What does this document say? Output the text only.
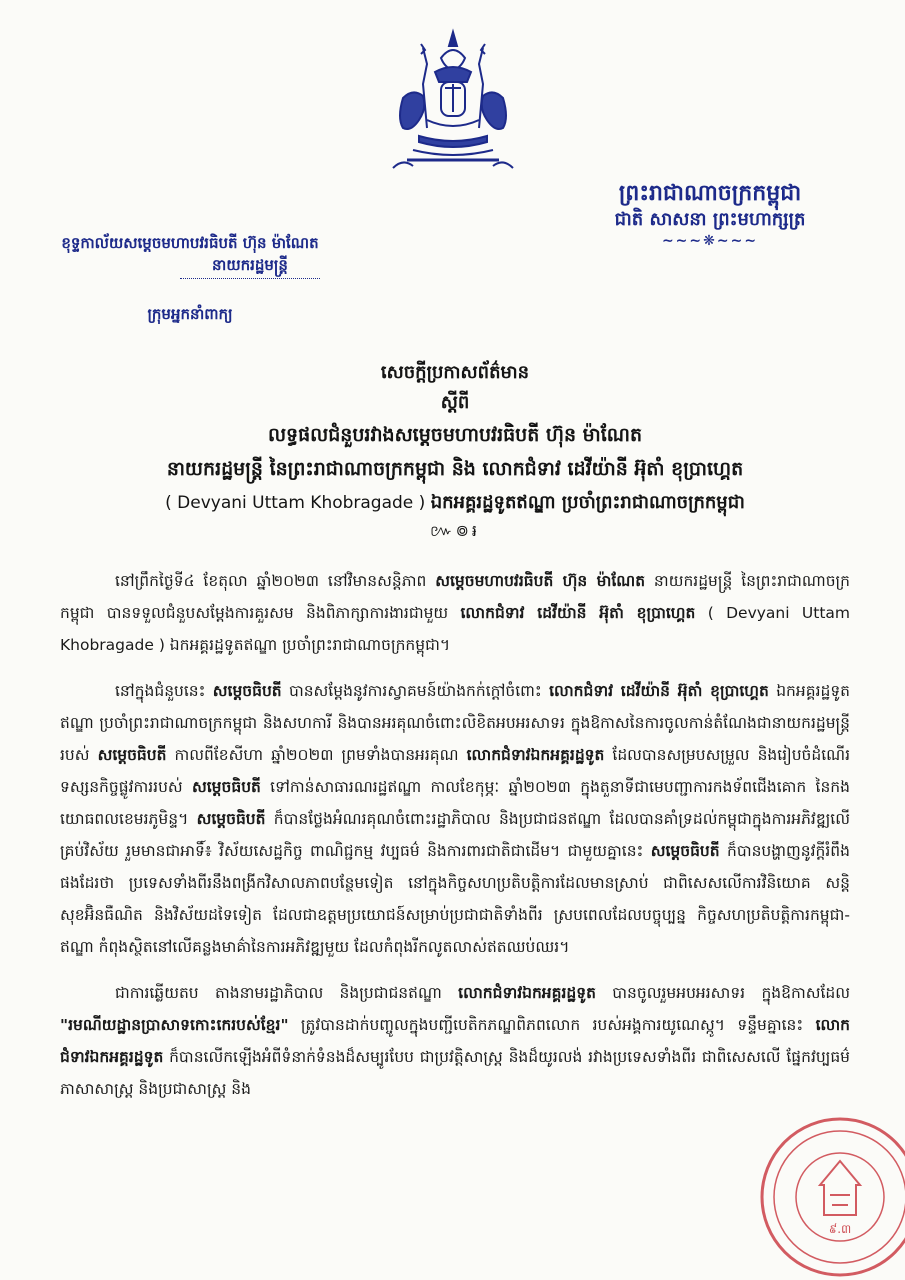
ព្រះរាជាណាចក្រកម្ពុជា
ជាតិ សាសនា ព្រះមហាក្សត្រ
∼∼∼❋∼∼∼
ខុទ្ទកាល័យសម្តេចមហាបវរធិបតី ហ៊ុន ម៉ាណែត
នាយករដ្ឋមន្ត្រី
ក្រុមអ្នកនាំពាក្យ
សេចក្តីប្រកាសព័ត៌មាន
ស្តីពី
លទ្ធផលជំនួបរវាងសម្តេចមហាបវរធិបតី ហ៊ុន ម៉ាណែត
នាយករដ្ឋមន្ត្រី នៃព្រះរាជាណាចក្រកម្ពុជា និង លោកជំទាវ ដេវីយ៉ានី អ៊ុតាំ ខុប្រាហ្គេត
( Devyani Uttam Khobragade ) ឯកអគ្គរដ្ឋទូតឥណ្ឌា ប្រចាំព្រះរាជាណាចក្រកម្ពុជា
៚៙៛

នៅព្រឹកថ្ងៃទី៤ ខែតុលា ឆ្នាំ២០២៣ នៅវិមានសន្តិភាព សម្តេចមហាបវរធិបតី ហ៊ុន ម៉ាណែត នាយករដ្ឋមន្ត្រី នៃព្រះរាជាណាចក្រកម្ពុជា បានទទួលជំនួបសម្តែងការគួរសម និងពិភាក្សាការងារជាមួយ លោកជំទាវ ដេវីយ៉ានី អ៊ុតាំ ខុប្រាហ្គេត ( Devyani Uttam Khobragade ) ឯកអគ្គរដ្ឋទូតឥណ្ឌា ប្រចាំព្រះរាជាណាចក្រកម្ពុជា។

នៅក្នុងជំនួបនេះ សម្តេចធិបតី បានសម្តែងនូវការស្វាគមន៍យ៉ាងកក់ក្តៅចំពោះ លោកជំទាវ ដេវីយ៉ានី អ៊ុតាំ ខុប្រាហ្គេត ឯកអគ្គរដ្ឋទូតឥណ្ឌា ប្រចាំព្រះរាជាណាចក្រកម្ពុជា និងសហការី និងបានអរគុណចំពោះលិខិតអបអរសាទរ ក្នុងឱកាសនៃការចូលកាន់តំណែងជានាយករដ្ឋមន្ត្រីរបស់ សម្តេចធិបតី កាលពីខែសីហា ឆ្នាំ២០២៣ ព្រមទាំងបានអរគុណ លោកជំទាវឯកអគ្គរដ្ឋទូត ដែលបានសម្របសម្រួល និងរៀបចំដំណើរទស្សនកិច្ចផ្លូវការរបស់ សម្តេចធិបតី ទៅកាន់សាធារណរដ្ឋឥណ្ឌា កាលខែកុម្ភៈ ឆ្នាំ២០២៣ ក្នុងតួនាទីជាមេបញ្ជាការកងទ័ពជើងគោក នៃកងយោធពលខេមរភូមិន្ទ។ សម្តេចធិបតី ក៏បានថ្លែងអំណរគុណចំពោះរដ្ឋាភិបាល និងប្រជាជនឥណ្ឌា ដែលបានគាំទ្រដល់កម្ពុជាក្នុងការអភិវឌ្ឍលើគ្រប់វិស័យ រួមមានជាអាទិ៍៖ វិស័យសេដ្ឋកិច្ច ពាណិជ្ជកម្ម វប្បធម៌ និងការពារជាតិជាដើម។ ជាមួយគ្នានេះ សម្តេចធិបតី ក៏បានបង្ហាញនូវក្តីរំពឹងផងដែរថា ប្រទេសទាំងពីរនឹងពង្រីកវិសាលភាពបន្ថែមទៀត នៅក្នុងកិច្ចសហប្រតិបត្តិការដែលមានស្រាប់ ជាពិសេសលើការវិនិយោគ សន្តិសុខអ៊ិនធឺណិត និងវិស័យដទៃទៀត ដែលជាឧត្តមប្រយោជន៍សម្រាប់ប្រជាជាតិទាំងពីរ ស្របពេលដែលបច្ចុប្បន្ន កិច្ចសហប្រតិបត្តិការកម្ពុជា-ឥណ្ឌា កំពុងស្ថិតនៅលើគន្លងមាគ៌ានៃការអភិវឌ្ឍមួយ ដែលកំពុងរីកលូតលាស់ឥតឈប់ឈរ។

ជាការឆ្លើយតប តាងនាមរដ្ឋាភិបាល និងប្រជាជនឥណ្ឌា លោកជំទាវឯកអគ្គរដ្ឋទូត បានចូលរួមអបអរសាទរ ក្នុងឱកាសដែល "រមណីយដ្ឋានប្រាសាទកោះកេរបស់ខ្មែរ" ត្រូវបានដាក់បញ្ចូលក្នុងបញ្ជីបេតិកភណ្ឌពិភពលោក របស់អង្គការយូណេស្កូ។ ទន្ទឹមគ្នានេះ លោកជំទាវឯកអគ្គរដ្ឋទូត ក៏បានលើកឡើងអំពីទំនាក់ទំនងដ៏សម្បូរបែប ជាប្រវត្តិសាស្ត្រ និងដ៏យូរលង់ រវាងប្រទេសទាំងពីរ ជាពិសេសលើ ផ្នែកវប្បធម៌ ភាសាសាស្ត្រ និងប្រជាសាស្ត្រ និង

៩.៣
